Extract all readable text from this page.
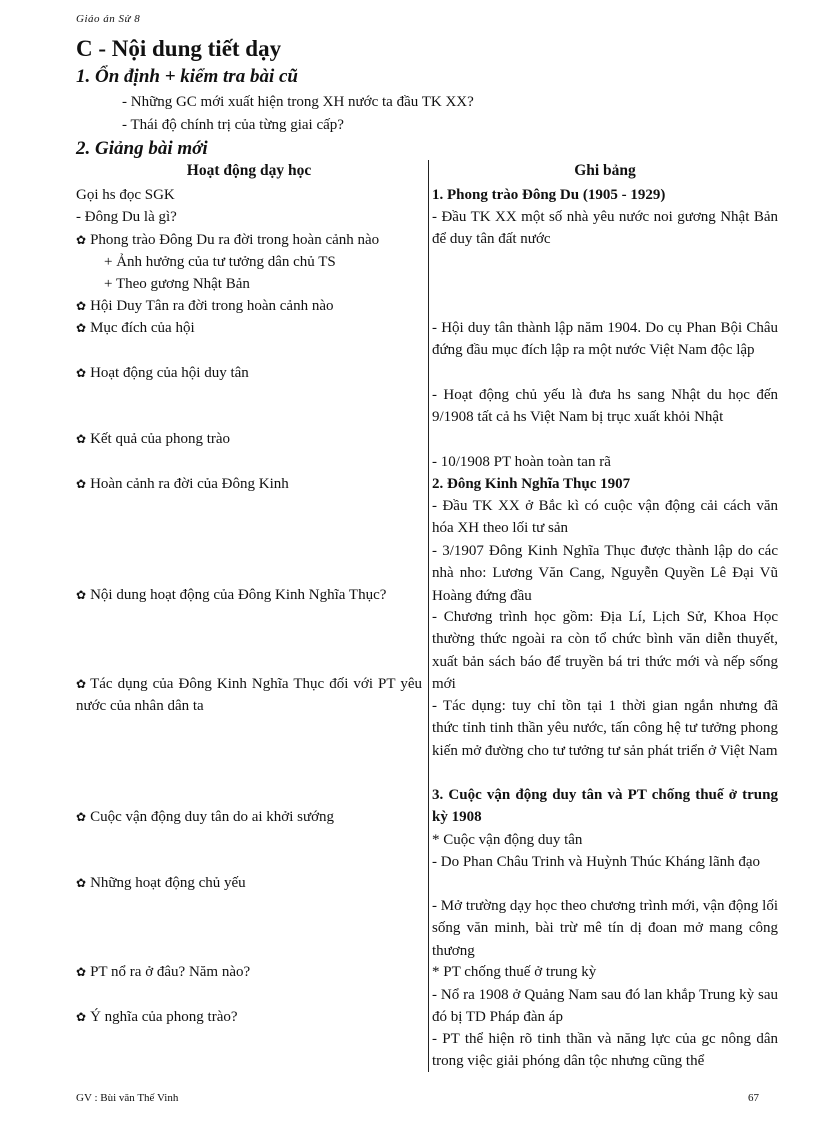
Giáo án Sử 8
C - Nội dung tiết dạy
1. Ổn định + kiểm tra bài cũ
- Những GC mới xuất hiện trong XH nước ta đầu TK XX?
- Thái độ chính trị của từng giai cấp?
2. Giảng bài mới
Hoạt động dạy học	Ghi bảng
Gọi hs đọc SGK
- Đông Du là gì?
✿ Phong trào Đông Du ra đời trong hoàn cảnh nào
+ Ảnh hưởng của tư tưởng dân chủ TS
+ Theo gương Nhật Bản
✿ Hội Duy Tân ra đời trong hoàn cảnh nào
✿ Mục đích của hội
✿ Hoạt động của hội duy tân
✿ Kết quả của phong trào
✿ Hoàn cảnh ra đời của Đông Kinh
✿ Nội dung hoạt động của Đông Kinh Nghĩa Thục?
✿ Tác dụng của Đông Kinh Nghĩa Thục đối với PT yêu nước của nhân dân ta
✿ Cuộc vận động duy tân do ai khởi sướng
✿ Những hoạt động chủ yếu
✿ PT nổ ra ở đâu? Năm nào?
✿ Ý nghĩa của phong trào?
1. Phong trào Đông Du (1905 - 1929)
- Đầu TK XX một số nhà yêu nước noi gương Nhật Bản để duy tân đất nước
- Hội duy tân thành lập năm 1904. Do cụ Phan Bội Châu đứng đầu mục đích lập ra một nước Việt Nam độc lập
- Hoạt động chủ yếu là đưa hs sang Nhật du học đến 9/1908 tất cả hs Việt Nam bị trục xuất khỏi Nhật
- 10/1908 PT hoàn toàn tan rã
2. Đông Kinh Nghĩa Thục 1907
- Đầu TK XX ở Bắc kì có cuộc vận động cải cách văn hóa XH theo lối tư sản
- 3/1907 Đông Kinh Nghĩa Thục được thành lập do các nhà nho: Lương Văn Cang, Nguyễn Quyền Lê Đại Vũ Hoàng đứng đầu
- Chương trình học gồm: Địa Lí, Lịch Sử, Khoa Học thường thức ngoài ra còn tổ chức bình văn diễn thuyết, xuất bản sách báo để truyền bá tri thức mới và nếp sống mới
- Tác dụng: tuy chỉ tồn tại 1 thời gian ngắn nhưng đã thức tỉnh tinh thần yêu nước, tấn công hệ tư tưởng phong kiến mở đường cho tư tưởng tư sản phát triển ở Việt Nam
3. Cuộc vận động duy tân và PT chống thuế ở trung kỳ 1908
* Cuộc vận động duy tân
- Do Phan Châu Trinh và Huỳnh Thúc Kháng lãnh đạo
- Mở trường dạy học theo chương trình mới, vận động lối sống văn minh, bài trừ mê tín dị đoan mở mang công thương
* PT chống thuế ở trung kỳ
- Nổ ra 1908 ở Quảng Nam sau đó lan khắp Trung kỳ sau đó bị TD Pháp đàn áp
- PT thể hiện rõ tinh thần và năng lực của gc nông dân trong việc giải phóng dân tộc nhưng cũng thể
GV : Bùi văn Thế Vinh	67
